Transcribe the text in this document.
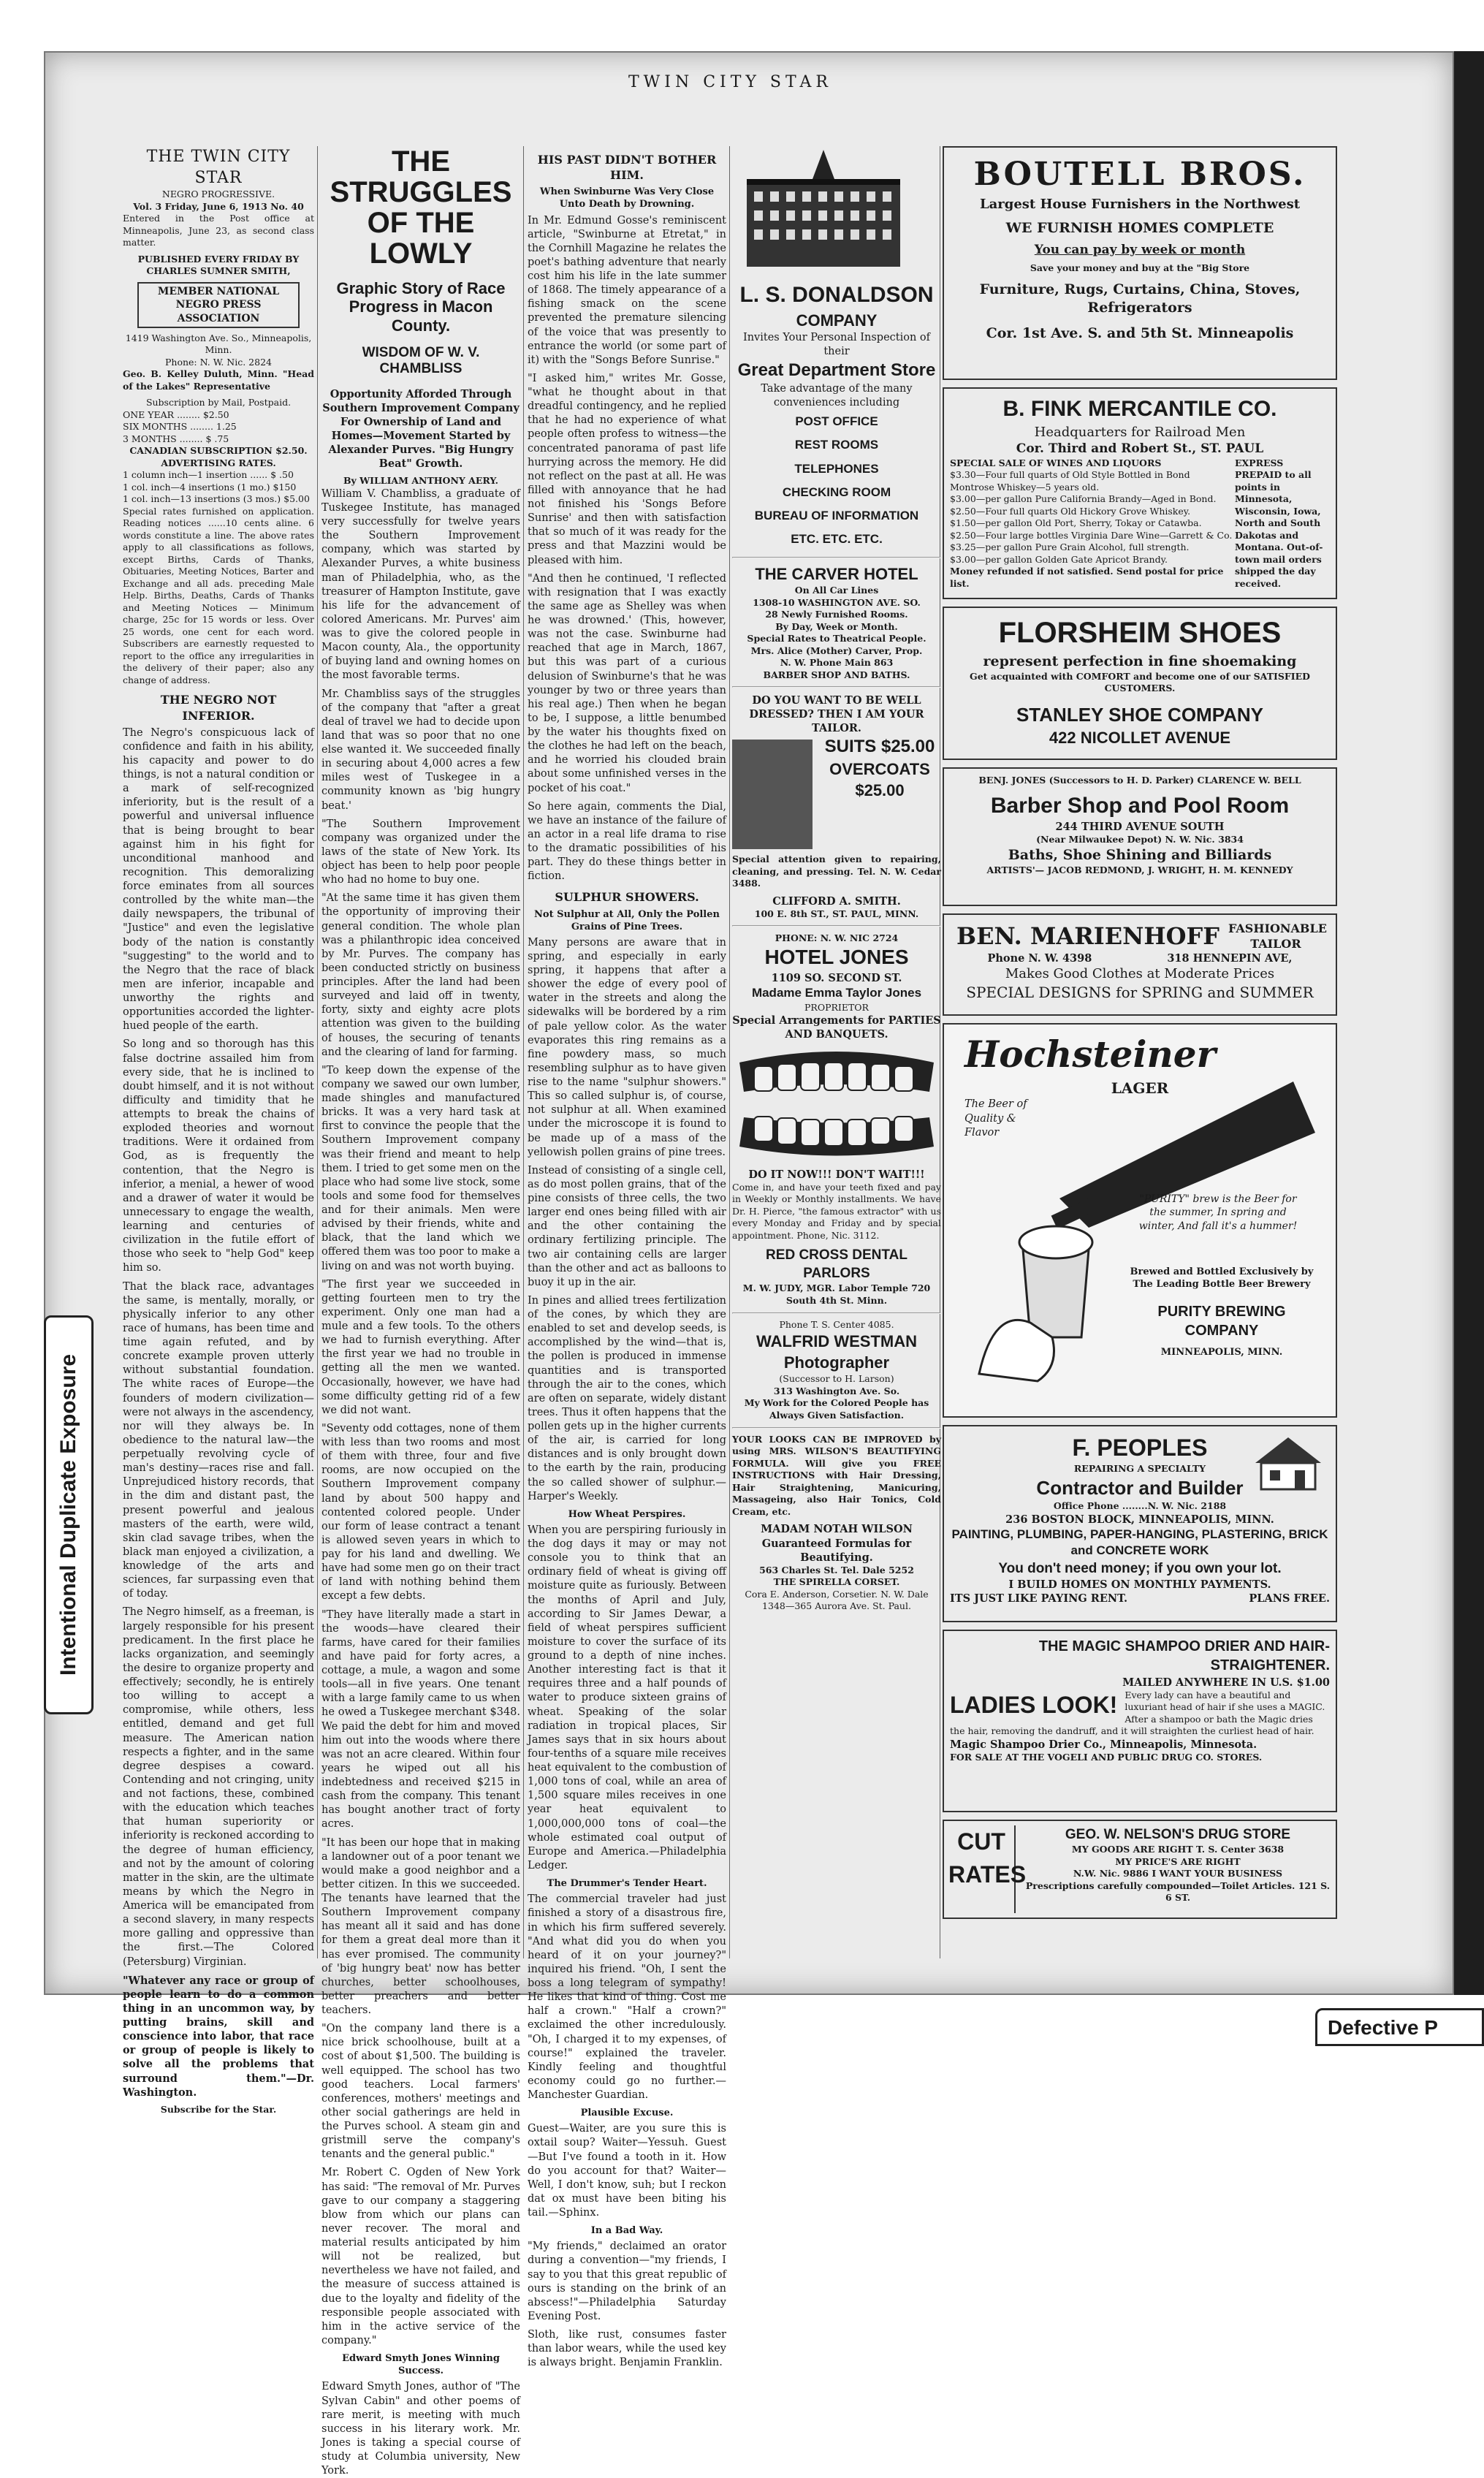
TWIN CITY STAR
THE TWIN CITY STAR
NEGRO PROGRESSIVE.
Vol. 3 Friday, June 6, 1913 No. 40

Entered in the Post office at Minneapolis, June 23, as second class matter.

PUBLISHED EVERY FRIDAY BY CHARLES SUMNER SMITH,
MEMBER NATIONAL NEGRO PRESS ASSOCIATION
1419 Washington Ave. So., Minneapolis, Minn.
Phone: N. W. Nic. 2824
Geo. B. Kelley Duluth, Minn. "Head of the Lakes" Representative
Subscription by Mail, Postpaid.
ONE YEAR ........ $2.50
SIX MONTHS ........ 1.25
3 MONTHS ........ $ .75
CANADIAN SUBSCRIPTION $2.50.
ADVERTISING RATES.
1 column inch—1 insertion ...... $ .50
1 col. inch—4 insertions (1 mo.) $150
1 col. inch—13 insertions (3 mos.) $5.00

Special rates furnished on application. Reading notices ......10 cents aline. 6 words constitute a line. The above rates apply to all classifications as follows, except Births, Cards of Thanks, Obituaries, Meeting Notices, Barter and Exchange and all ads. preceding Male Help. Births, Deaths, Cards of Thanks and Meeting Notices — Minimum charge, 25c for 15 words or less. Over 25 words, one cent for each word. Subscribers are earnestly requested to report to the office any irregularities in the delivery of their paper; also any change of address.

THE NEGRO NOT INFERIOR.

The Negro's conspicuous lack of confidence and faith in his ability, his capacity and power to do things, is not a natural condition or a mark of self-recognized inferiority, but is the result of a powerful and universal influence that is being brought to bear against him in his fight for unconditional manhood and recognition. This demoralizing force eminates from all sources controlled by the white man—the daily newspapers, the tribunal of "Justice" and even the legislative body of the nation is constantly "suggesting" to the world and to the Negro that the race of black men are inferior, incapable and unworthy the rights and opportunities accorded the lighter-hued people of the earth.

So long and so thorough has this false doctrine assailed him from every side, that he is inclined to doubt himself, and it is not without difficulty and timidity that he attempts to break the chains of exploded theories and wornout traditions. Were it ordained from God, as is frequently the contention, that the Negro is inferior, a menial, a hewer of wood and a drawer of water it would be unnecessary to engage the wealth, learning and centuries of civilization in the futile effort of those who seek to "help God" keep him so.

That the black race, advantages the same, is mentally, morally, or physically inferior to any other race of humans, has been time and time again refuted, and by concrete example proven utterly without substantial foundation. The white races of Europe—the founders of modern civilization—were not always in the ascendency, nor will they always be. In obedience to the natural law—the perpetually revolving cycle of man's destiny—races rise and fall. Unprejudiced history records, that in the dim and distant past, the present powerful and jealous masters of the earth, were wild, skin clad savage tribes, when the black man enjoyed a civilization, a knowledge of the arts and sciences, far surpassing even that of today.

The Negro himself, as a freeman, is largely responsible for his present predicament. In the first place he lacks organization, and seemingly the desire to organize property and effectively; secondly, he is entirely too willing to accept a compromise, while others, less entitled, demand and get full measure. The American nation respects a fighter, and in the same degree despises a coward. Contending and not cringing, unity and not factions, these, combined with the education which teaches that human superiority or inferiority is reckoned according to the degree of human efficiency, and not by the amount of coloring matter in the skin, are the ultimate means by which the Negro in America will be emancipated from a second slavery, in many respects more galling and oppressive than the first.—The Colored (Petersburg) Virginian.

"Whatever any race or group of people learn to do a common thing in an uncommon way, by putting brains, skill and conscience into labor, that race or group of people is likely to solve all the problems that surround them."—Dr. Washington.

Subscribe for the Star.
THE STRUGGLES OF THE LOWLY
Graphic Story of Race Progress in Macon County.
WISDOM OF W. V. CHAMBLISS

Opportunity Afforded Through Southern Improvement Company For Ownership of Land and Homes—Movement Started by Alexander Purves. "Big Hungry Beat" Growth.

By WILLIAM ANTHONY AERY.

William V. Chambliss, a graduate of Tuskegee Institute, has managed very successfully for twelve years the Southern Improvement company, which was started by Alexander Purves, a white business man of Philadelphia, who, as the treasurer of Hampton Institute, gave his life for the advancement of colored Americans. Mr. Purves' aim was to give the colored people in Macon county, Ala., the opportunity of buying land and owning homes on the most favorable terms.

Mr. Chambliss says of the struggles of the company that "after a great deal of travel we had to decide upon land that was so poor that no one else wanted it. We succeeded finally in securing about 4,000 acres a few miles west of Tuskegee in a community known as 'big hungry beat.'

"The Southern Improvement company was organized under the laws of the state of New York. Its object has been to help poor people who had no home to buy one.

"At the same time it has given them the opportunity of improving their general condition. The whole plan was a philanthropic idea conceived by Mr. Purves. The company has been conducted strictly on business principles. After the land had been surveyed and laid off in twenty, forty, sixty and eighty acre plots attention was given to the building of houses, the securing of tenants and the clearing of land for farming.

"To keep down the expense of the company we sawed our own lumber, made shingles and manufactured bricks. It was a very hard task at first to convince the people that the Southern Improvement company was their friend and meant to help them. I tried to get some men on the place who had some live stock, some tools and some food for themselves and for their animals. Men were advised by their friends, white and black, that the land which we offered them was too poor to make a living on and was not worth buying.

"The first year we succeeded in getting fourteen men to try the experiment. Only one man had a mule and a few tools. To the others we had to furnish everything. After the first year we had no trouble in getting all the men we wanted. Occasionally, however, we have had some difficulty getting rid of a few we did not want.

"Seventy odd cottages, none of them with less than two rooms and most of them with three, four and five rooms, are now occupied on the Southern Improvement company land by about 500 happy and contented colored people. Under our form of lease contract a tenant is allowed seven years in which to pay for his land and dwelling. We have had some men go on their tract of land with nothing behind them except a few debts.

"They have literally made a start in the woods—have cleared their farms, have cared for their families and have paid for forty acres, a cottage, a mule, a wagon and some tools—all in five years. One tenant with a large family came to us when he owed a Tuskegee merchant $348. We paid the debt for him and moved him out into the woods where there was not an acre cleared. Within four years he wiped out all his indebtedness and received $215 in cash from the company. This tenant has bought another tract of forty acres.

"It has been our hope that in making a landowner out of a poor tenant we would make a good neighbor and a better citizen. In this we succeeded. The tenants have learned that the Southern Improvement company has meant all it said and has done for them a great deal more than it has ever promised. The community of 'big hungry beat' now has better churches, better schoolhouses, better preachers and better teachers.

"On the company land there is a nice brick schoolhouse, built at a cost of about $1,500. The building is well equipped. The school has two good teachers. Local farmers' conferences, mothers' meetings and other social gatherings are held in the Purves school. A steam gin and gristmill serve the company's tenants and the general public."

Mr. Robert C. Ogden of New York has said: "The removal of Mr. Purves gave to our company a staggering blow from which our plans can never recover. The moral and material results anticipated by him will not be realized, but nevertheless we have not failed, and the measure of success attained is due to the loyalty and fidelity of the responsible people associated with him in the active service of the company."

Edward Smyth Jones Winning Success.

Edward Smyth Jones, author of "The Sylvan Cabin" and other poems of rare merit, is meeting with much success in his literary work. Mr. Jones is taking a special course of study at Columbia university, New York.

HIS PAST DIDN'T BOTHER HIM.
When Swinburne Was Very Close Unto Death by Drowning.

In Mr. Edmund Gosse's reminiscent article, "Swinburne at Etretat," in the Cornhill Magazine he relates the poet's bathing adventure that nearly cost him his life in the late summer of 1868. The timely appearance of a fishing smack on the scene prevented the premature silencing of the voice that was presently to entrance the world (or some part of it) with the "Songs Before Sunrise."

"I asked him," writes Mr. Gosse, "what he thought about in that dreadful contingency, and he replied that he had no experience of what people often profess to witness—the concentrated panorama of past life hurrying across the memory. He did not reflect on the past at all. He was filled with annoyance that he had not finished his 'Songs Before Sunrise' and then with satisfaction that so much of it was ready for the press and that Mazzini would be pleased with him.

"And then he continued, 'I reflected with resignation that I was exactly the same age as Shelley was when he was drowned.' (This, however, was not the case. Swinburne had reached that age in March, 1867, but this was part of a curious delusion of Swinburne's that he was younger by two or three years than his real age.) Then when he began to be, I suppose, a little benumbed by the water his thoughts fixed on the clothes he had left on the beach, and he worried his clouded brain about some unfinished verses in the pocket of his coat."

So here again, comments the Dial, we have an instance of the failure of an actor in a real life drama to rise to the dramatic possibilities of his part. They do these things better in fiction.

SULPHUR SHOWERS.
Not Sulphur at All, Only the Pollen Grains of Pine Trees.

Many persons are aware that in spring, and especially in early spring, it happens that after a shower the edge of every pool of water in the streets and along the sidewalks will be bordered by a rim of pale yellow color. As the water evaporates this ring remains as a fine powdery mass, so much resembling sulphur as to have given rise to the name "sulphur showers." This so called sulphur is, of course, not sulphur at all. When examined under the microscope it is found to be made up of a mass of the yellowish pollen grains of pine trees.

Instead of consisting of a single cell, as do most pollen grains, that of the pine consists of three cells, the two larger end ones being filled with air and the other containing the ordinary fertilizing principle. The two air containing cells are larger than the other and act as balloons to buoy it up in the air.

In pines and allied trees fertilization of the cones, by which they are enabled to set and develop seeds, is accomplished by the wind—that is, the pollen is produced in immense quantities and is transported through the air to the cones, which are often on separate, widely distant trees. Thus it often happens that the pollen gets up in the higher currents of the air, is carried for long distances and is only brought down to the earth by the rain, producing the so called shower of sulphur.—Harper's Weekly.

How Wheat Perspires.

When you are perspiring furiously in the dog days it may or may not console you to think that an ordinary field of wheat is giving off moisture quite as furiously. Between the months of April and July, according to Sir James Dewar, a field of wheat perspires sufficient moisture to cover the surface of its ground to a depth of nine inches. Another interesting fact is that it requires three and a half pounds of water to produce sixteen grains of wheat. Speaking of the solar radiation in tropical places, Sir James says that in six hours about four-tenths of a square mile receives heat equivalent to the combustion of 1,000 tons of coal, while an area of 1,500 square miles receives in one year heat equivalent to 1,000,000,000 tons of coal—the whole estimated coal output of Europe and America.—Philadelphia Ledger.

The Drummer's Tender Heart.

The commercial traveler had just finished a story of a disastrous fire, in which his firm suffered severely. "And what did you do when you heard of it on your journey?" inquired his friend. "Oh, I sent the boss a long telegram of sympathy! He likes that kind of thing. Cost me half a crown." "Half a crown?" exclaimed the other incredulously. "Oh, I charged it to my expenses, of course!" explained the traveler. Kindly feeling and thoughtful economy could go no further.—Manchester Guardian.

Plausible Excuse.

Guest—Waiter, are you sure this is oxtail soup? Waiter—Yessuh. Guest—But I've found a tooth in it. How do you account for that? Waiter—Well, I don't know, suh; but I reckon dat ox must have been biting his tail.—Sphinx.

In a Bad Way.

"My friends," declaimed an orator during a convention—"my friends, I say to you that this great republic of ours is standing on the brink of an abscess!"—Philadelphia Saturday Evening Post.

Sloth, like rust, consumes faster than labor wears, while the used key is always bright. Benjamin Franklin.

L. S. DONALDSON
COMPANY
Invites Your Personal Inspection of their
Great Department Store
Take advantage of the many conveniences including
POST OFFICE
REST ROOMS
TELEPHONES
CHECKING ROOM
BUREAU OF INFORMATION
ETC. ETC. ETC.
THE CARVER HOTEL
On All Car Lines
1308-10 WASHINGTON AVE. SO.
28 Newly Furnished Rooms.
By Day, Week or Month.
Special Rates to Theatrical People.
Mrs. Alice (Mother) Carver, Prop.
N. W. Phone Main 863
BARBER SHOP AND BATHS.
DO YOU WANT TO BE WELL DRESSED? THEN I AM YOUR TAILOR.
SUITS $25.00
OVERCOATS $25.00

Special attention given to repairing, cleaning, and pressing. Tel. N. W. Cedar 3488.

CLIFFORD A. SMITH.
100 E. 8th ST., ST. PAUL, MINN.
PHONE: N. W. NIC 2724
HOTEL JONES
1109 SO. SECOND ST.
Madame Emma Taylor Jones
PROPRIETOR
Special Arrangements for PARTIES AND BANQUETS.
DO IT NOW!!! DON'T WAIT!!!

Come in, and have your teeth fixed and pay in Weekly or Monthly installments. We have Dr. H. Pierce, "the famous extractor" with us every Monday and Friday and by special appointment. Phone, Nic. 3112.

RED CROSS DENTAL PARLORS
M. W. JUDY, MGR. Labor Temple 720 South 4th St. Minn.
Phone T. S. Center 4085.
WALFRID WESTMAN
Photographer
(Successor to H. Larson)
313 Washington Ave. So.
My Work for the Colored People has Always Given Satisfaction.

YOUR LOOKS CAN BE IMPROVED by using MRS. WILSON'S BEAUTIFYING FORMULA. Will give you FREE INSTRUCTIONS with Hair Dressing, Hair Straightening, Manicuring, Massageing, also Hair Tonics, Cold Cream, etc.

MADAM NOTAH WILSON
Guaranteed Formulas for Beautifying.
563 Charles St. Tel. Dale 5252
THE SPIRELLA CORSET.
Cora E. Anderson, Corsetier. N. W. Dale 1348—365 Aurora Ave. St. Paul.
BOUTELL BROS.
Largest House Furnishers in the Northwest
WE FURNISH HOMES COMPLETE
You can pay by week or month
Save your money and buy at the "Big Store
Furniture, Rugs, Curtains, China, Stoves, Refrigerators
Cor. 1st Ave. S. and 5th St. Minneapolis
B. FINK MERCANTILE CO.
Headquarters for Railroad Men
Cor. Third and Robert St., ST. PAUL
EXPRESS PREPAID to all points in Minnesota, Wisconsin, Iowa, North and South Dakotas and Montana. Out-of-town mail orders shipped the day received.
SPECIAL SALE OF WINES AND LIQUORS
$3.30—Four full quarts of Old Style Bottled in Bond Montrose Whiskey—5 years old.
$3.00—per gallon Pure California Brandy—Aged in Bond.
$2.50—Four full quarts Old Hickory Grove Whiskey.
$1.50—per gallon Old Port, Sherry, Tokay or Catawba.
$2.50—Four large bottles Virginia Dare Wine—Garrett & Co.
$3.25—per gallon Pure Grain Alcohol, full strength.
$3.00—per gallon Golden Gate Apricot Brandy.
Money refunded if not satisfied. Send postal for price list.
FLORSHEIM SHOES
represent perfection in fine shoemaking
Get acquainted with COMFORT and become one of our SATISFIED CUSTOMERS.
STANLEY SHOE COMPANY
422 NICOLLET AVENUE
BENJ. JONES (Successors to H. D. Parker) CLARENCE W. BELL
Barber Shop and Pool Room
244 THIRD AVENUE SOUTH
(Near Milwaukee Depot) N. W. Nic. 3834
Baths, Shoe Shining and Billiards
ARTISTS'— JACOB REDMOND, J. WRIGHT, H. M. KENNEDY
BEN. MARIENHOFF FASHIONABLE TAILOR
Phone N. W. 4398	318 HENNEPIN AVE,
Makes Good Clothes at Moderate Prices
SPECIAL DESIGNS for SPRING and SUMMER
Hochsteiner
LAGER
The Beer of Quality & Flavor
"PURITY" brew is the Beer for the summer, In spring and winter, And fall it's a hummer!
Brewed and Bottled Exclusively by The Leading Bottle Beer Brewery
PURITY BREWING COMPANY
MINNEAPOLIS, MINN.
F. PEOPLES
REPAIRING A SPECIALTY
Contractor and Builder
Office Phone ........N. W. Nic. 2188
236 BOSTON BLOCK, MINNEAPOLIS, MINN.
PAINTING, PLUMBING, PAPER-HANGING, PLASTERING, BRICK and CONCRETE WORK
You don't need money; if you own your lot.
I BUILD HOMES ON MONTHLY PAYMENTS.
ITS JUST LIKE PAYING RENT.	PLANS FREE.
THE MAGIC SHAMPOO DRIER AND HAIR-STRAIGHTENER.
MAILED ANYWHERE IN U.S. $1.00
LADIES LOOK! Every lady can have a beautiful and luxuriant head of hair if she uses a MAGIC. After a shampoo or bath the Magic dries the hair, removing the dandruff, and it will straighten the curliest head of hair.
Magic Shampoo Drier Co., Minneapolis, Minnesota.
FOR SALE AT THE VOGELI AND PUBLIC DRUG CO. STORES.
CUT RATES
GEO. W. NELSON'S DRUG STORE
MY GOODS ARE RIGHT T. S. Center 3638
MY PRICE'S ARE RIGHT
N.W. Nic. 9886 I WANT YOUR BUSINESS
Prescriptions carefully compounded—Toilet Articles. 121 S. 6 ST.
Intentional Duplicate Exposure
Defective P
